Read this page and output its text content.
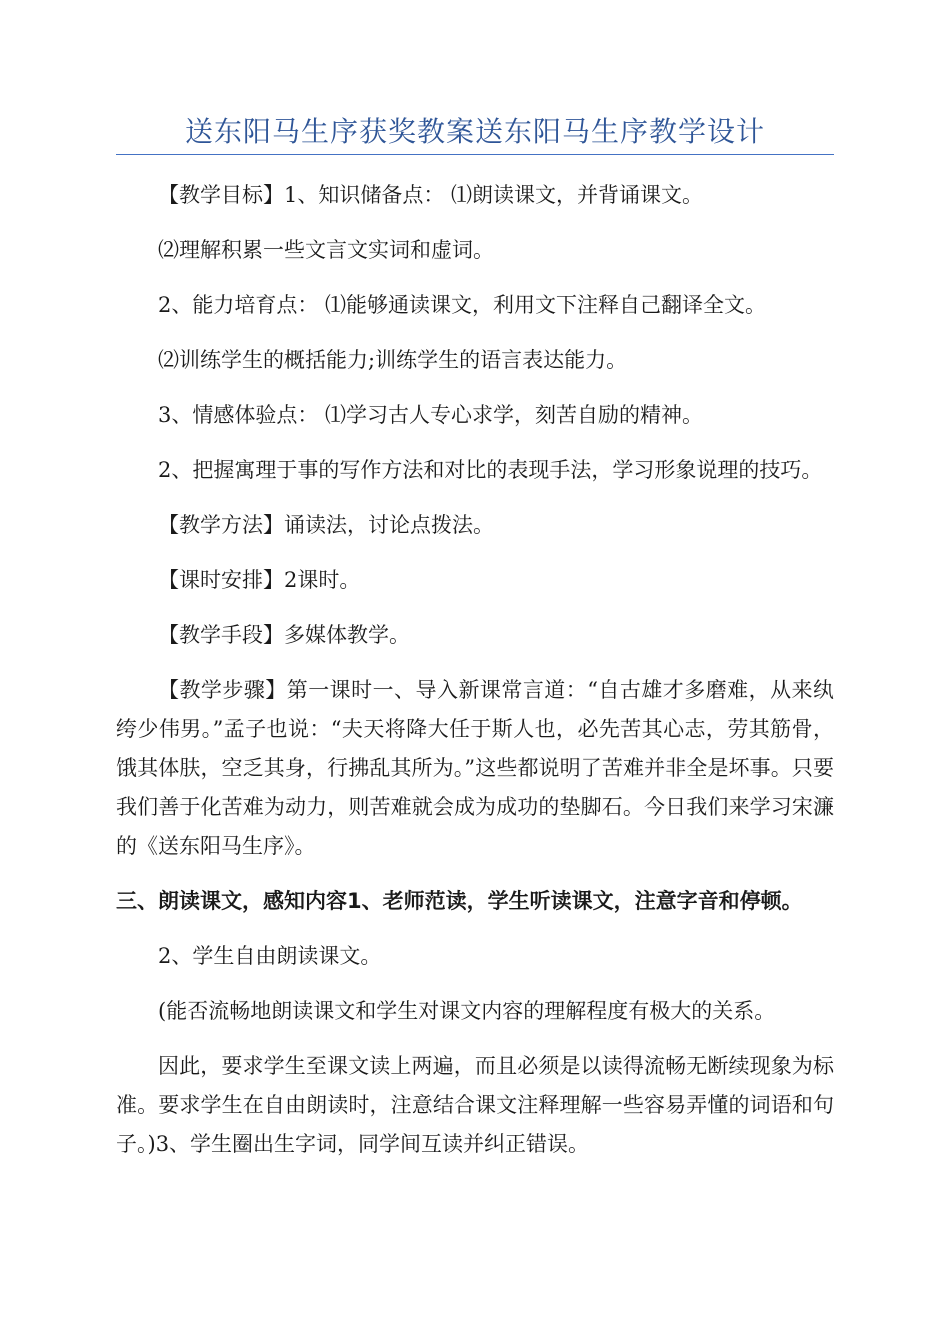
送东阳马生序获奖教案送东阳马生序教学设计

【教学目标】1、知识储备点： ⑴朗读课文，并背诵课文。

⑵理解积累一些文言文实词和虚词。

2、能力培育点： ⑴能够通读课文，利用文下注释自己翻译全文。

⑵训练学生的概括能力;训练学生的语言表达能力。

3、情感体验点： ⑴学习古人专心求学，刻苦自励的精神。

2、把握寓理于事的写作方法和对比的表现手法，学习形象说理的技巧。

【教学方法】诵读法，讨论点拨法。

【课时安排】2课时。

【教学手段】多媒体教学。

【教学步骤】第一课时一、导入新课常言道：“自古雄才多磨难，从来纨绔少伟男。”孟子也说：“夫天将降大任于斯人也，必先苦其心志，劳其筋骨，饿其体肤，空乏其身，行拂乱其所为。”这些都说明了苦难并非全是坏事。只要我们善于化苦难为动力，则苦难就会成为成功的垫脚石。今日我们来学习宋濂的《送东阳马生序》。

三、朗读课文，感知内容1、老师范读，学生听读课文，注意字音和停顿。

2、学生自由朗读课文。

(能否流畅地朗读课文和学生对课文内容的理解程度有极大的关系。

因此，要求学生至课文读上两遍，而且必须是以读得流畅无断续现象为标准。要求学生在自由朗读时，注意结合课文注释理解一些容易弄懂的词语和句子。)3、学生圈出生字词，同学间互读并纠正错误。
